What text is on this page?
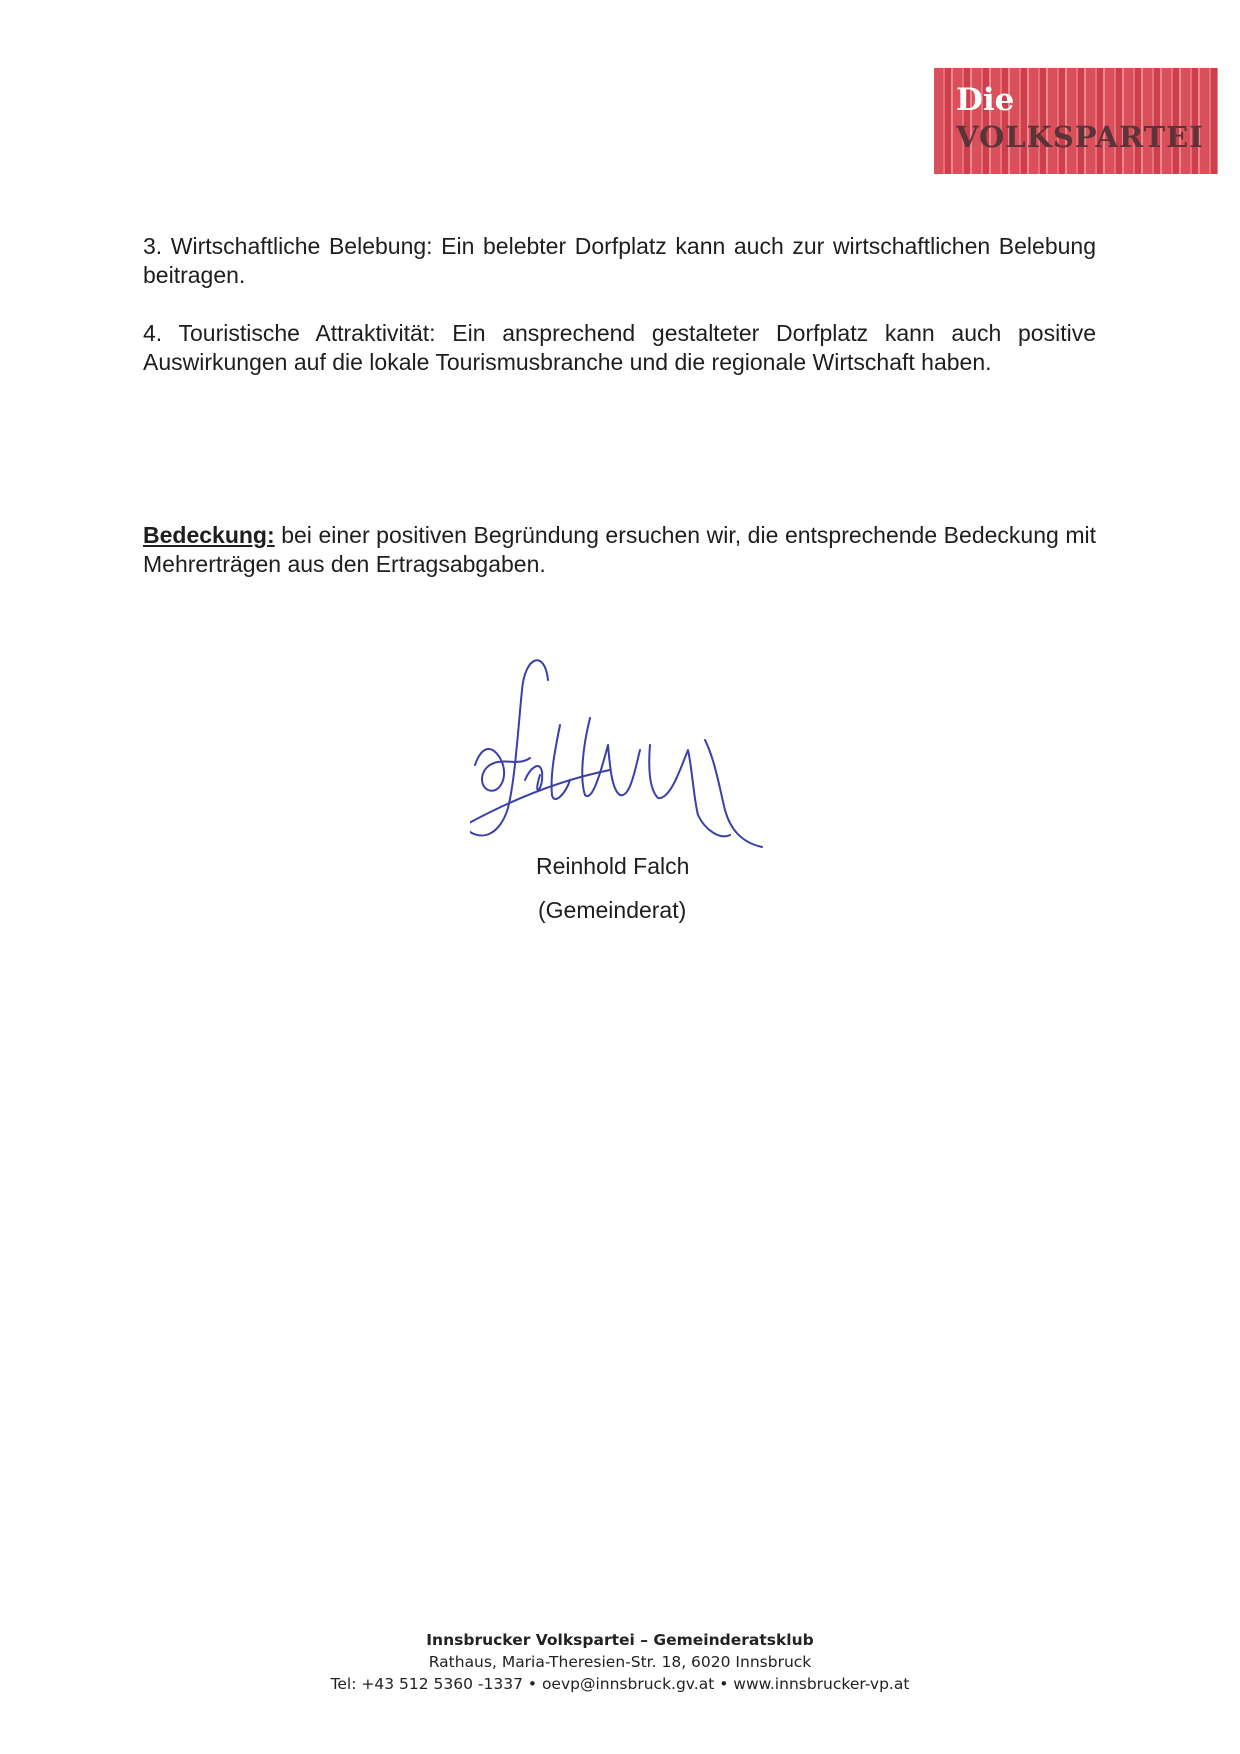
Die
VOLKSPARTEI
3. Wirtschaftliche Belebung: Ein belebter Dorfplatz kann auch zur wirtschaftlichen Belebung beitragen.
4. Touristische Attraktivität: Ein ansprechend gestalteter Dorfplatz kann auch positive Auswirkungen auf die lokale Tourismusbranche und die regionale Wirtschaft haben.
Bedeckung: bei einer positiven Begründung ersuchen wir, die entsprechende Bedeckung mit Mehrerträgen aus den Ertragsabgaben.
Reinhold Falch
(Gemeinderat)
Innsbrucker Volkspartei – Gemeinderatsklub
Rathaus, Maria-Theresien-Str. 18, 6020 Innsbruck
Tel: +43 512 5360 -1337 • oevp@innsbruck.gv.at • www.innsbrucker-vp.at
